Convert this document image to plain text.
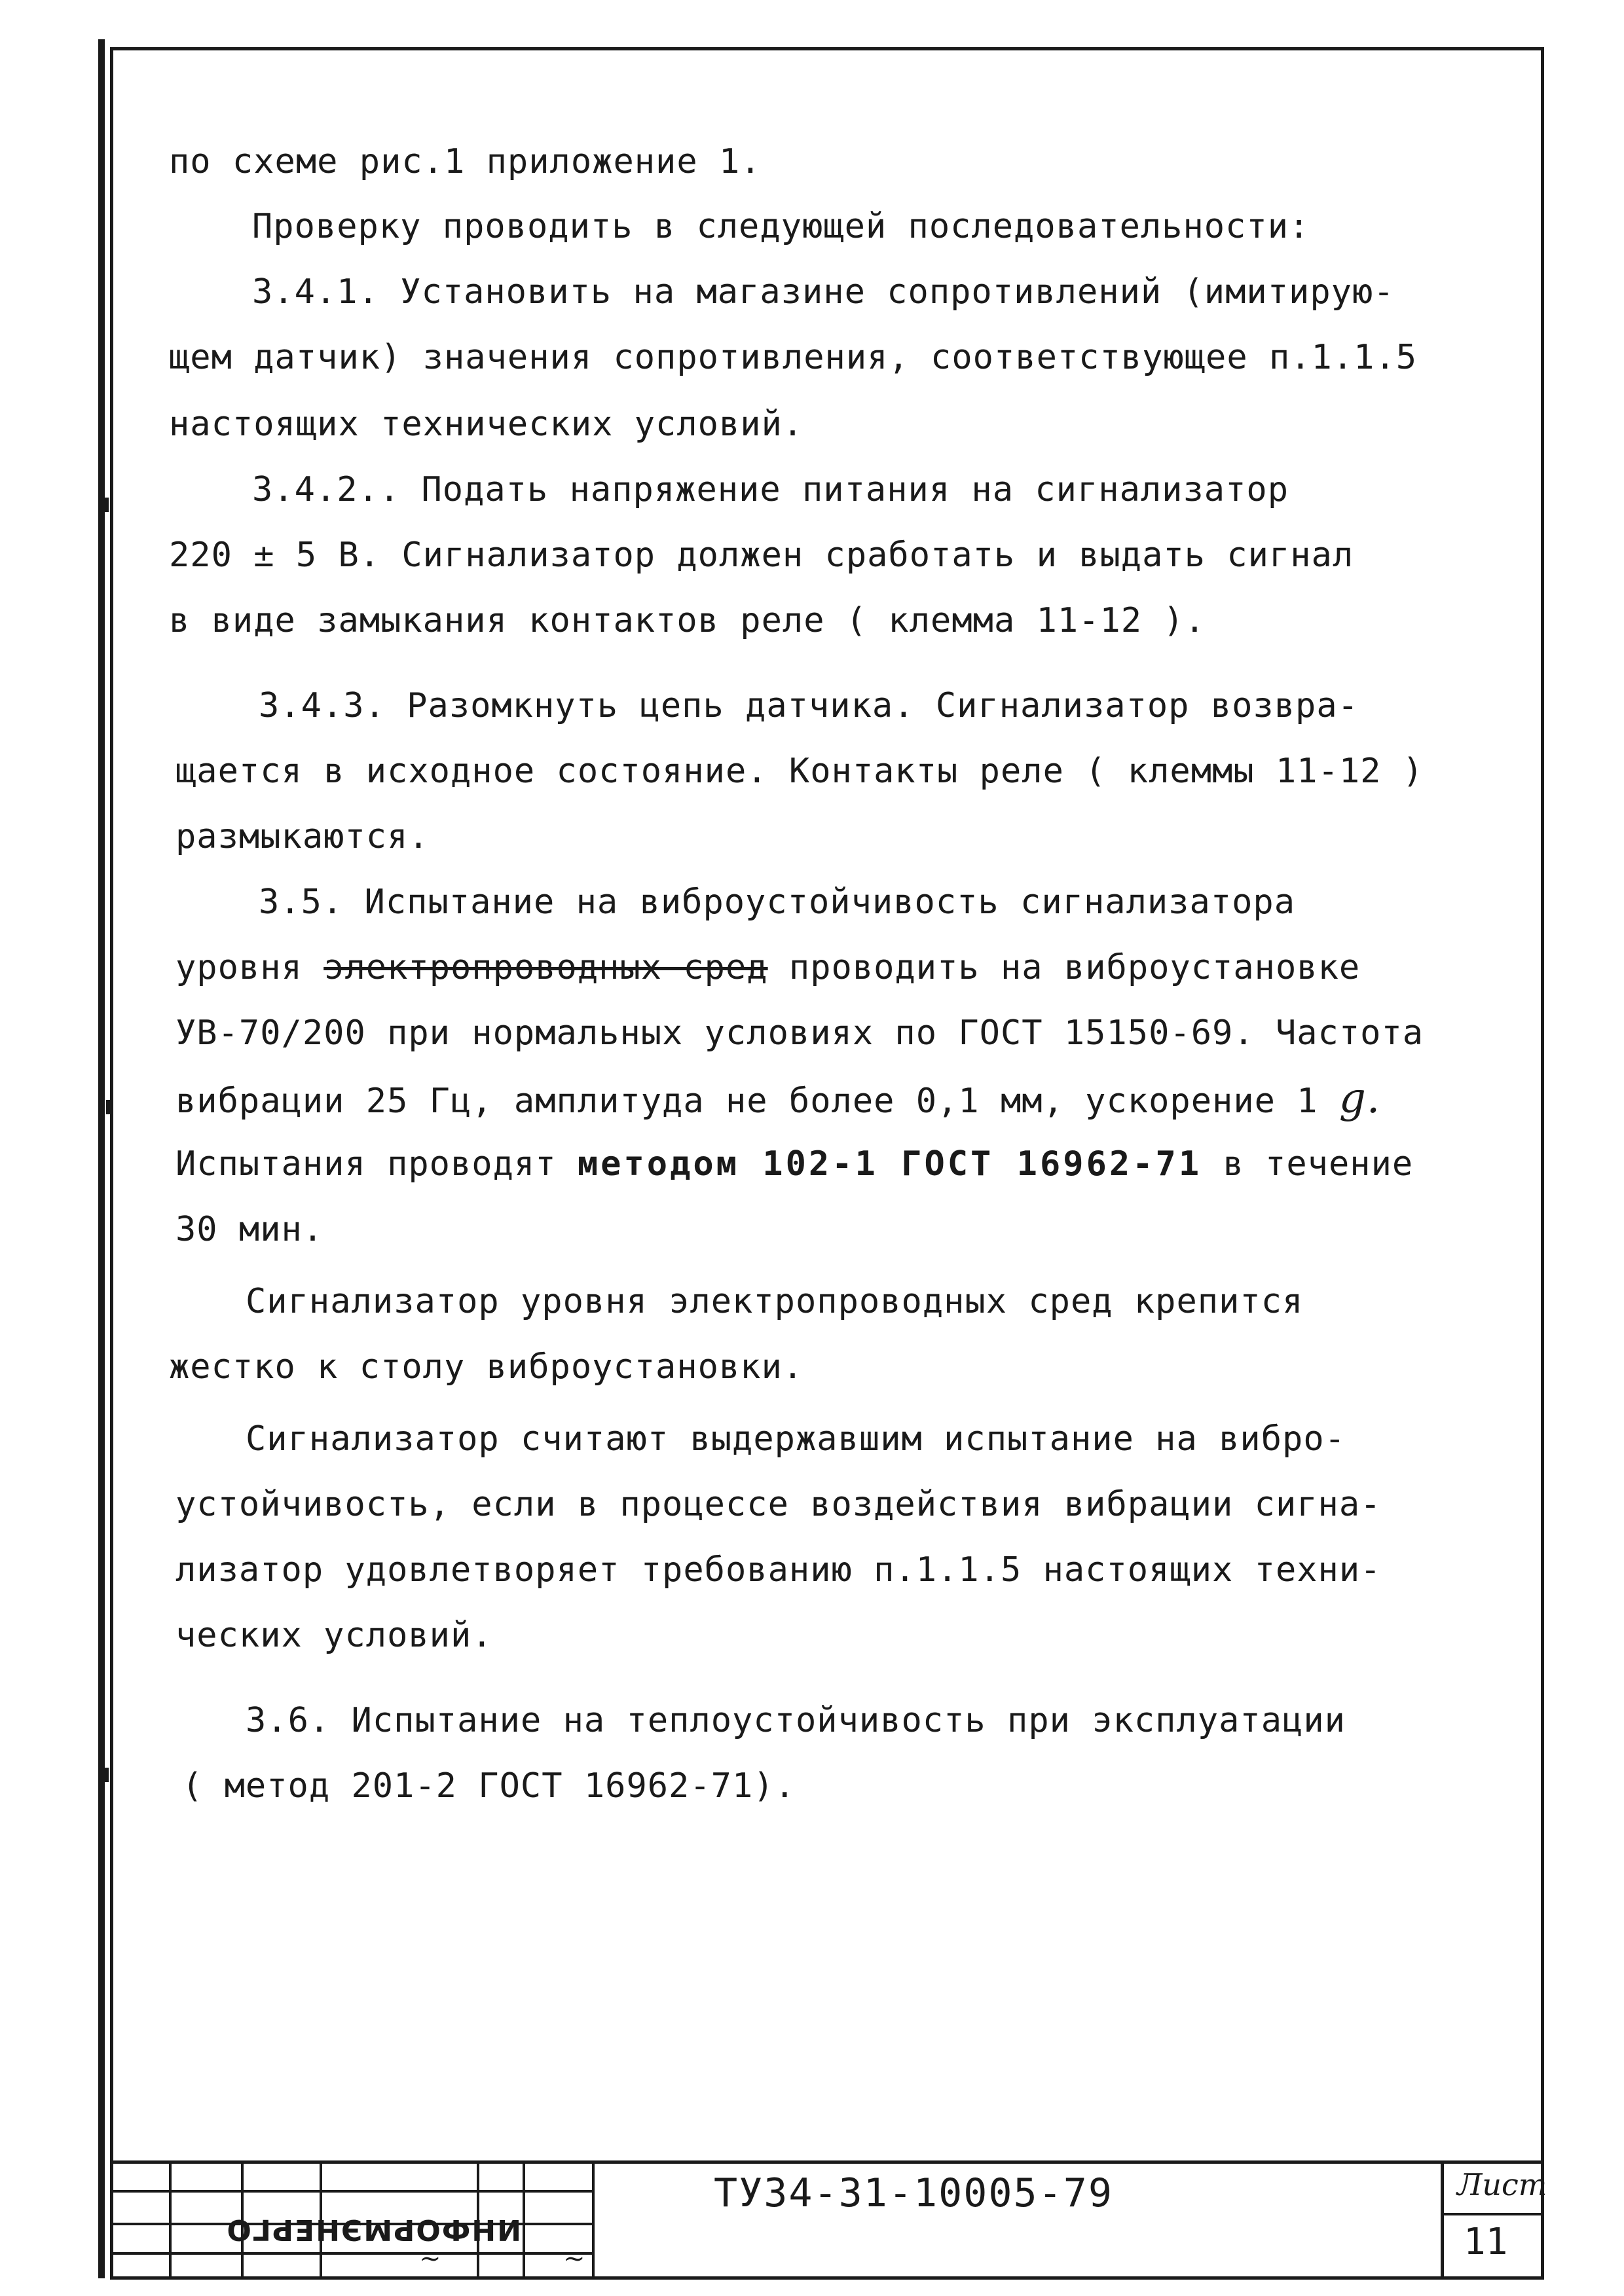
по схеме рис.1 приложение 1.
Проверку проводить в следующей последовательности:
3.4.1. Установить на магазине сопротивлений (имитирую-
щем датчик) значения сопротивления, соответствующее п.1.1.5
настоящих технических условий.
3.4.2.. Подать напряжение питания на сигнализатор
220 ± 5 В. Сигнализатор должен сработать и выдать сигнал
в виде замыкания контактов реле ( клемма 11-12 ).
3.4.3. Разомкнуть цепь датчика. Сигнализатор возвра-
щается в исходное состояние. Контакты реле ( клеммы 11-12 )
размыкаются.
3.5. Испытание на виброустойчивость сигнализатора
уровня электропроводных сред проводить на виброустановке
УВ-70/200 при нормальных условиях по ГОСТ 15150-69. Частота
вибрации 25 Гц, амплитуда не более 0,1 мм, ускорение 1 g.
Испытания проводят методом 102-1 ГОСТ 16962-71 в течение
30 мин.
Сигнализатор уровня электропроводных сред крепится
жестко к столу виброустановки.
Сигнализатор считают выдержавшим испытание на вибро-
устойчивость, если в процессе воздействия вибрации сигна-
лизатор удовлетворяет требованию п.1.1.5 настоящих техни-
ческих условий.
3.6. Испытание на теплоустойчивость при эксплуатации
( метод 201-2 ГОСТ 16962-71).
ТУ34-31-10005-79	Лист
11
ИНФОРМЭНЕРГО
~	~
